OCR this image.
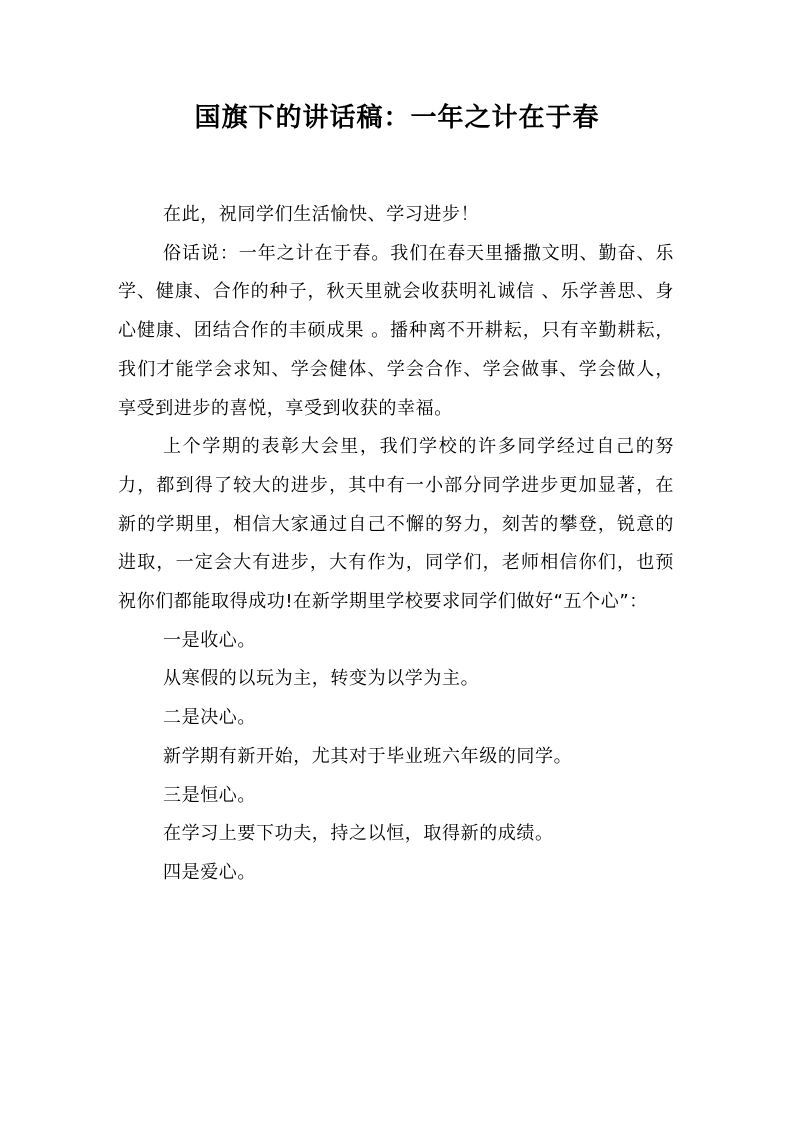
国旗下的讲话稿：一年之计在于春

在此，祝同学们生活愉快、学习进步！

俗话说：一年之计在于春。我们在春天里播撒文明、勤奋、乐学、健康、合作的种子，秋天里就会收获明礼诚信 、乐学善思、身心健康、团结合作的丰硕成果 。播种离不开耕耘，只有辛勤耕耘，我们才能学会求知、学会健体、学会合作、学会做事、学会做人，享受到进步的喜悦，享受到收获的幸福。

上个学期的表彰大会里，我们学校的许多同学经过自己的努力，都到得了较大的进步，其中有一小部分同学进步更加显著，在新的学期里，相信大家通过自己不懈的努力，刻苦的攀登，锐意的进取，一定会大有进步，大有作为，同学们，老师相信你们，也预祝你们都能取得成功!在新学期里学校要求同学们做好“五个心”：

一是收心。

从寒假的以玩为主，转变为以学为主。

二是决心。

新学期有新开始，尤其对于毕业班六年级的同学。

三是恒心。

在学习上要下功夫，持之以恒，取得新的成绩。

四是爱心。
